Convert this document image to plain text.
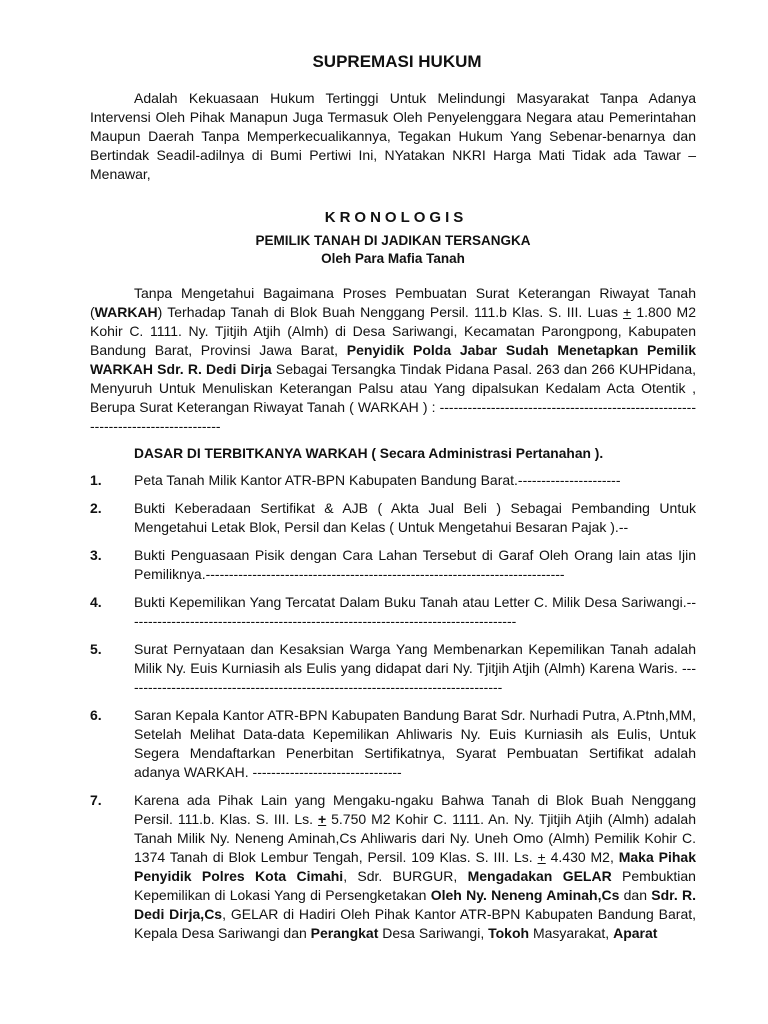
SUPREMASI HUKUM

Adalah Kekuasaan Hukum Tertinggi Untuk Melindungi Masyarakat Tanpa Adanya Intervensi Oleh Pihak Manapun Juga Termasuk Oleh Penyelenggara Negara atau Pemerintahan Maupun Daerah Tanpa Memperkecualikannya, Tegakan Hukum Yang Sebenar-benarnya dan Bertindak Seadil-adilnya di Bumi Pertiwi Ini, NYatakan NKRI Harga Mati Tidak ada Tawar – Menawar,

KRONOLOGIS
PEMILIK TANAH DI JADIKAN TERSANGKA
Oleh Para Mafia Tanah

Tanpa Mengetahui Bagaimana Proses Pembuatan Surat Keterangan Riwayat Tanah (WARKAH) Terhadap Tanah di Blok Buah Nenggang Persil. 111.b Klas. S. III. Luas + 1.800 M2 Kohir C. 1111. Ny. Tjitjih Atjih (Almh) di Desa Sariwangi, Kecamatan Parongpong, Kabupaten Bandung Barat, Provinsi Jawa Barat, Penyidik Polda Jabar Sudah Menetapkan Pemilik WARKAH Sdr. R. Dedi Dirja Sebagai Tersangka Tindak Pidana Pasal. 263 dan 266 KUHPidana, Menyuruh Untuk Menuliskan Keterangan Palsu atau Yang dipalsukan Kedalam Acta Otentik , Berupa Surat Keterangan Riwayat Tanah ( WARKAH ) : -----------------------------------------------------------------------------------

DASAR DI TERBITKANYA WARKAH ( Secara Administrasi Pertanahan ).
1.	Peta Tanah Milik Kantor ATR-BPN Kabupaten Bandung Barat.----------------------
2.	Bukti Keberadaan Sertifikat & AJB ( Akta Jual Beli ) Sebagai Pembanding Untuk Mengetahui Letak Blok, Persil dan Kelas ( Untuk Mengetahui Besaran Pajak ).--
3.	Bukti Penguasaan Pisik dengan Cara Lahan Tersebut di Garaf Oleh Orang lain atas Ijin Pemiliknya.-----------------------------------------------------------------------------
4.	Bukti Kepemilikan Yang Tercatat Dalam Buku Tanah atau Letter C. Milik Desa Sariwangi.------------------------------------------------------------------------------------
5.	Surat Pernyataan dan Kesaksian Warga Yang Membenarkan Kepemilikan Tanah adalah Milik Ny. Euis Kurniasih als Eulis yang didapat dari Ny. Tjitjih Atjih (Almh) Karena Waris. ----------------------------------------------------------------------------------
6.	Saran Kepala Kantor ATR-BPN Kabupaten Bandung Barat Sdr. Nurhadi Putra, A.Ptnh,MM, Setelah Melihat Data-data Kepemilikan Ahliwaris Ny. Euis Kurniasih als Eulis, Untuk Segera Mendaftarkan Penerbitan Sertifikatnya, Syarat Pembuatan Sertifikat adalah adanya WARKAH. --------------------------------
7.	Karena ada Pihak Lain yang Mengaku-ngaku Bahwa Tanah di Blok Buah Nenggang Persil. 111.b. Klas. S. III. Ls. + 5.750 M2 Kohir C. 1111. An. Ny. Tjitjih Atjih (Almh) adalah Tanah Milik Ny. Neneng Aminah,Cs Ahliwaris dari Ny. Uneh Omo (Almh) Pemilik Kohir C. 1374 Tanah di Blok Lembur Tengah, Persil. 109 Klas. S. III. Ls. + 4.430 M2, Maka Pihak Penyidik Polres Kota Cimahi, Sdr. BURGUR, Mengadakan GELAR Pembuktian Kepemilikan di Lokasi Yang di Persengketakan Oleh Ny. Neneng Aminah,Cs dan Sdr. R. Dedi Dirja,Cs, GELAR di Hadiri Oleh Pihak Kantor ATR-BPN Kabupaten Bandung Barat, Kepala Desa Sariwangi dan Perangkat Desa Sariwangi, Tokoh Masyarakat, Aparat
